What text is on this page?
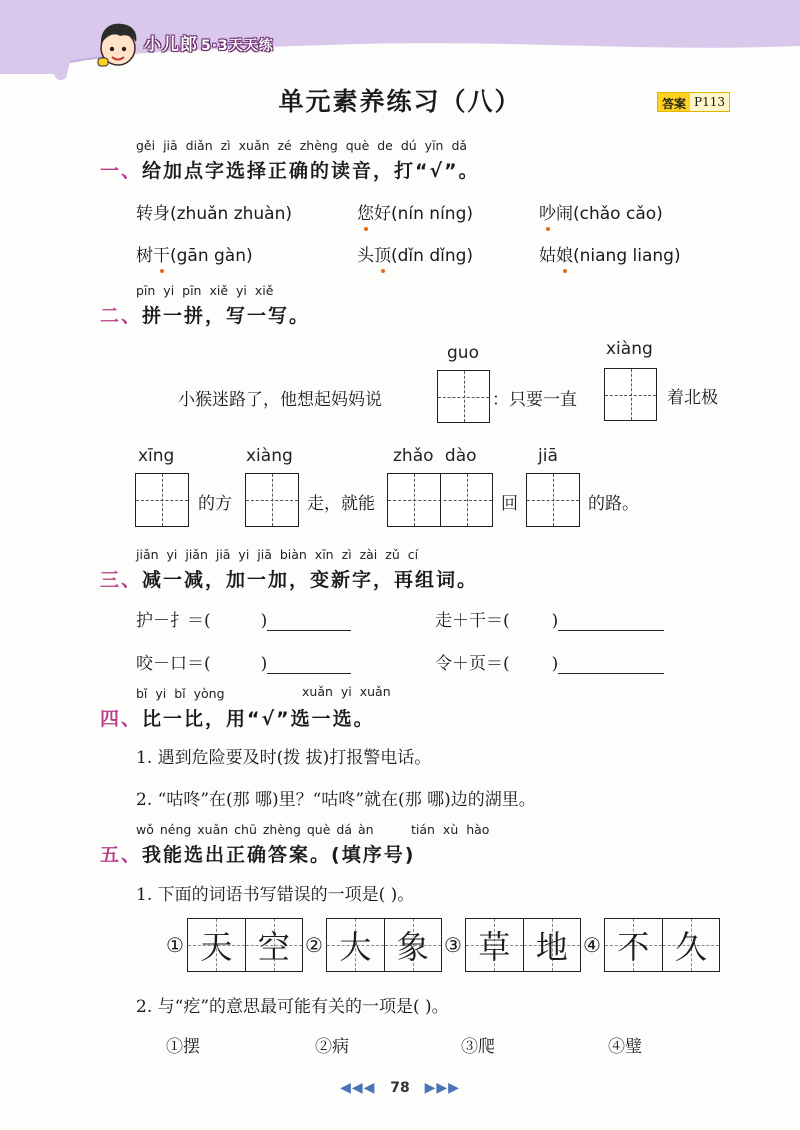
小儿郎 5·3天天练
单元素养练习（八）	答案 P113
gěi jiā diǎn zì xuǎn zé zhèng què de dú yīn dǎ
一、给加点字选择正确的读音，打“√”。
转身(zhuǎn zhuàn)	您好(nín níng)	吵闹(chǎo cǎo)
树干(gān gàn)	头顶(dǐn dǐng)	姑娘(niang liang)
pīn yi pīn xiě yi xiě
二、拼一拼，写一写。
guo	xiàng
小猴迷路了，他想起妈妈说	：只要一直	着北极
xīng	xiàng	zhǎo dào	jiā
的方	走，就能	回	的路。
jiǎn yi jiǎn jiā yi jiā biàn xīn zì zài zǔ cí
三、减一减，加一加，变新字，再组词。
护－扌＝(	)	走＋干＝( )
咬－口＝(	)	令＋页＝( )
bǐ yi bǐ yòng	xuǎn yi xuǎn
四、比一比，用“√”选一选。
1. 遇到危险要及时(拨 拔)打报警电话。
2. “咕咚”在(那 哪)里？“咕咚”就在(那 哪)边的湖里。
wǒ néng xuǎn chū zhèng què dá àn	tián xù hào
五、我能选出正确答案。(填序号)
1. 下面的词语书写错误的一项是( )。
① 天 空 ② 大 象 ③ 草 地 ④ 不 久
2. 与“疙”的意思最可能有关的一项是( )。
①摆	②病	③爬	④璧
◀◀◀ 78 ▶▶▶
